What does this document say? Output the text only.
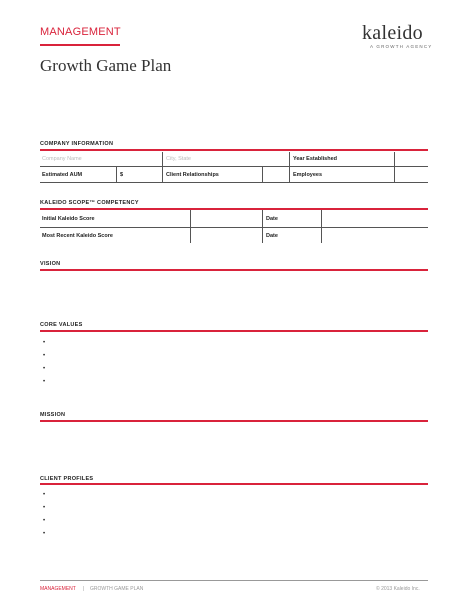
MANAGEMENT
Growth Game Plan
kaleido
A GROWTH AGENCY
COMPANY INFORMATION
Company Name	City, State	Year Established
Estimated AUM	$	Client Relationships	Employees
KALEIDO SCOPE™ COMPETENCY
Initial Kaleido Score	Date
Most Recent Kaleido Score	Date
VISION
CORE VALUES
•
•
•
•
MISSION
CLIENT PROFILES
•
•
•
•
MANAGEMENT | GROWTH GAME PLAN	© 2013 Kaleido Inc.
